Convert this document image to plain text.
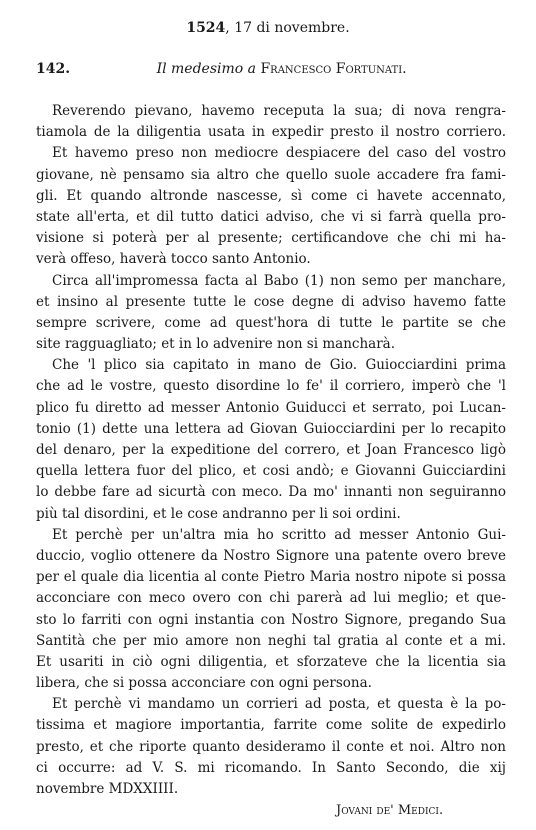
1524, 17 di novembre.
142.	Il medesimo a Francesco Fortunati.
Reverendo pievano, havemo receputa la sua; di nova rengra-
tiamola de la diligentia usata in expedir presto il nostro corriero.
Et havemo preso non mediocre despiacere del caso del vostro
giovane, nè pensamo sia altro che quello suole accadere fra fami-
gli. Et quando altronde nascesse, sì come ci havete accennato,
state all'erta, et dil tutto datici adviso, che vi si farrà quella pro-
visione si poterà per al presente; certificandove che chi mi ha-
verà offeso, haverà tocco santo Antonio.
Circa all'impromessa facta al Babo (1) non semo per manchare,
et insino al presente tutte le cose degne di adviso havemo fatte
sempre scrivere, come ad quest'hora di tutte le partite se che
site ragguagliato; et in lo advenire non si mancharà.
Che 'l plico sia capitato in mano de Gio. Guiocciardini prima
che ad le vostre, questo disordine lo fe' il corriero, imperò che 'l
plico fu diretto ad messer Antonio Guiducci et serrato, poi Lucan-
tonio (1) dette una lettera ad Giovan Guiocciardini per lo recapito
del denaro, per la expeditione del correro, et Joan Francesco ligò
quella lettera fuor del plico, et cosi andò; e Giovanni Guicciardini
lo debbe fare ad sicurtà con meco. Da mo' innanti non seguiranno
più tal disordini, et le cose andranno per li soi ordini.
Et perchè per un'altra mia ho scritto ad messer Antonio Gui-
duccio, voglio ottenere da Nostro Signore una patente overo breve
per el quale dia licentia al conte Pietro Maria nostro nipote si possa
acconciare con meco overo con chi parerà ad lui meglio; et que-
sto lo farriti con ogni instantia con Nostro Signore, pregando Sua
Santità che per mio amore non neghi tal gratia al conte et a mi.
Et usariti in ciò ogni diligentia, et sforzateve che la licentia sia
libera, che si possa acconciare con ogni persona.
Et perchè vi mandamo un corrieri ad posta, et questa è la po-
tissima et magiore importantia, farrite come solite de expedirlo
presto, et che riporte quanto desideramo il conte et noi. Altro non
ci occurre: ad V. S. mi ricomando. In Santo Secondo, die xij
novembre MDXXIIII.
Jovani de' Medici.
